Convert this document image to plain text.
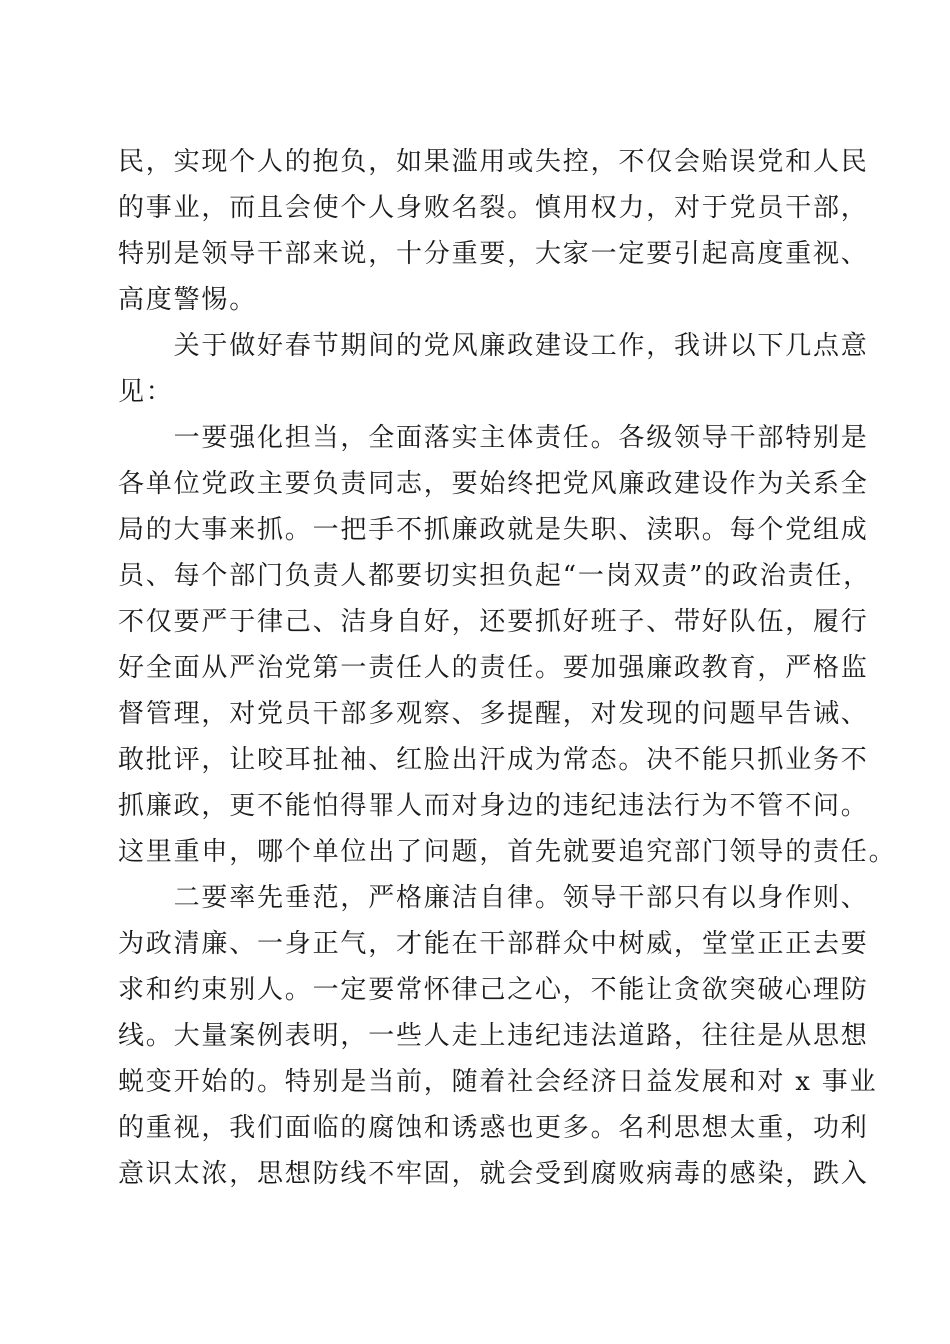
民，实现个人的抱负，如果滥用或失控，不仅会贻误党和人民
的事业，而且会使个人身败名裂。慎用权力，对于党员干部，
特别是领导干部来说，十分重要，大家一定要引起高度重视、
高度警惕。
　　关于做好春节期间的党风廉政建设工作，我讲以下几点意
见：
　　一要强化担当，全面落实主体责任。各级领导干部特别是
各单位党政主要负责同志，要始终把党风廉政建设作为关系全
局的大事来抓。一把手不抓廉政就是失职、渎职。每个党组成
员、每个部门负责人都要切实担负起“一岗双责”的政治责任，
不仅要严于律己、洁身自好，还要抓好班子、带好队伍，履行
好全面从严治党第一责任人的责任。要加强廉政教育，严格监
督管理，对党员干部多观察、多提醒，对发现的问题早告诫、
敢批评，让咬耳扯袖、红脸出汗成为常态。决不能只抓业务不
抓廉政，更不能怕得罪人而对身边的违纪违法行为不管不问。
这里重申，哪个单位出了问题，首先就要追究部门领导的责任。
　　二要率先垂范，严格廉洁自律。领导干部只有以身作则、
为政清廉、一身正气，才能在干部群众中树威，堂堂正正去要
求和约束别人。一定要常怀律己之心，不能让贪欲突破心理防
线。大量案例表明，一些人走上违纪违法道路，往往是从思想
蜕变开始的。特别是当前，随着社会经济日益发展和对 x 事业
的重视，我们面临的腐蚀和诱惑也更多。名利思想太重，功利
意识太浓，思想防线不牢固，就会受到腐败病毒的感染，跌入
